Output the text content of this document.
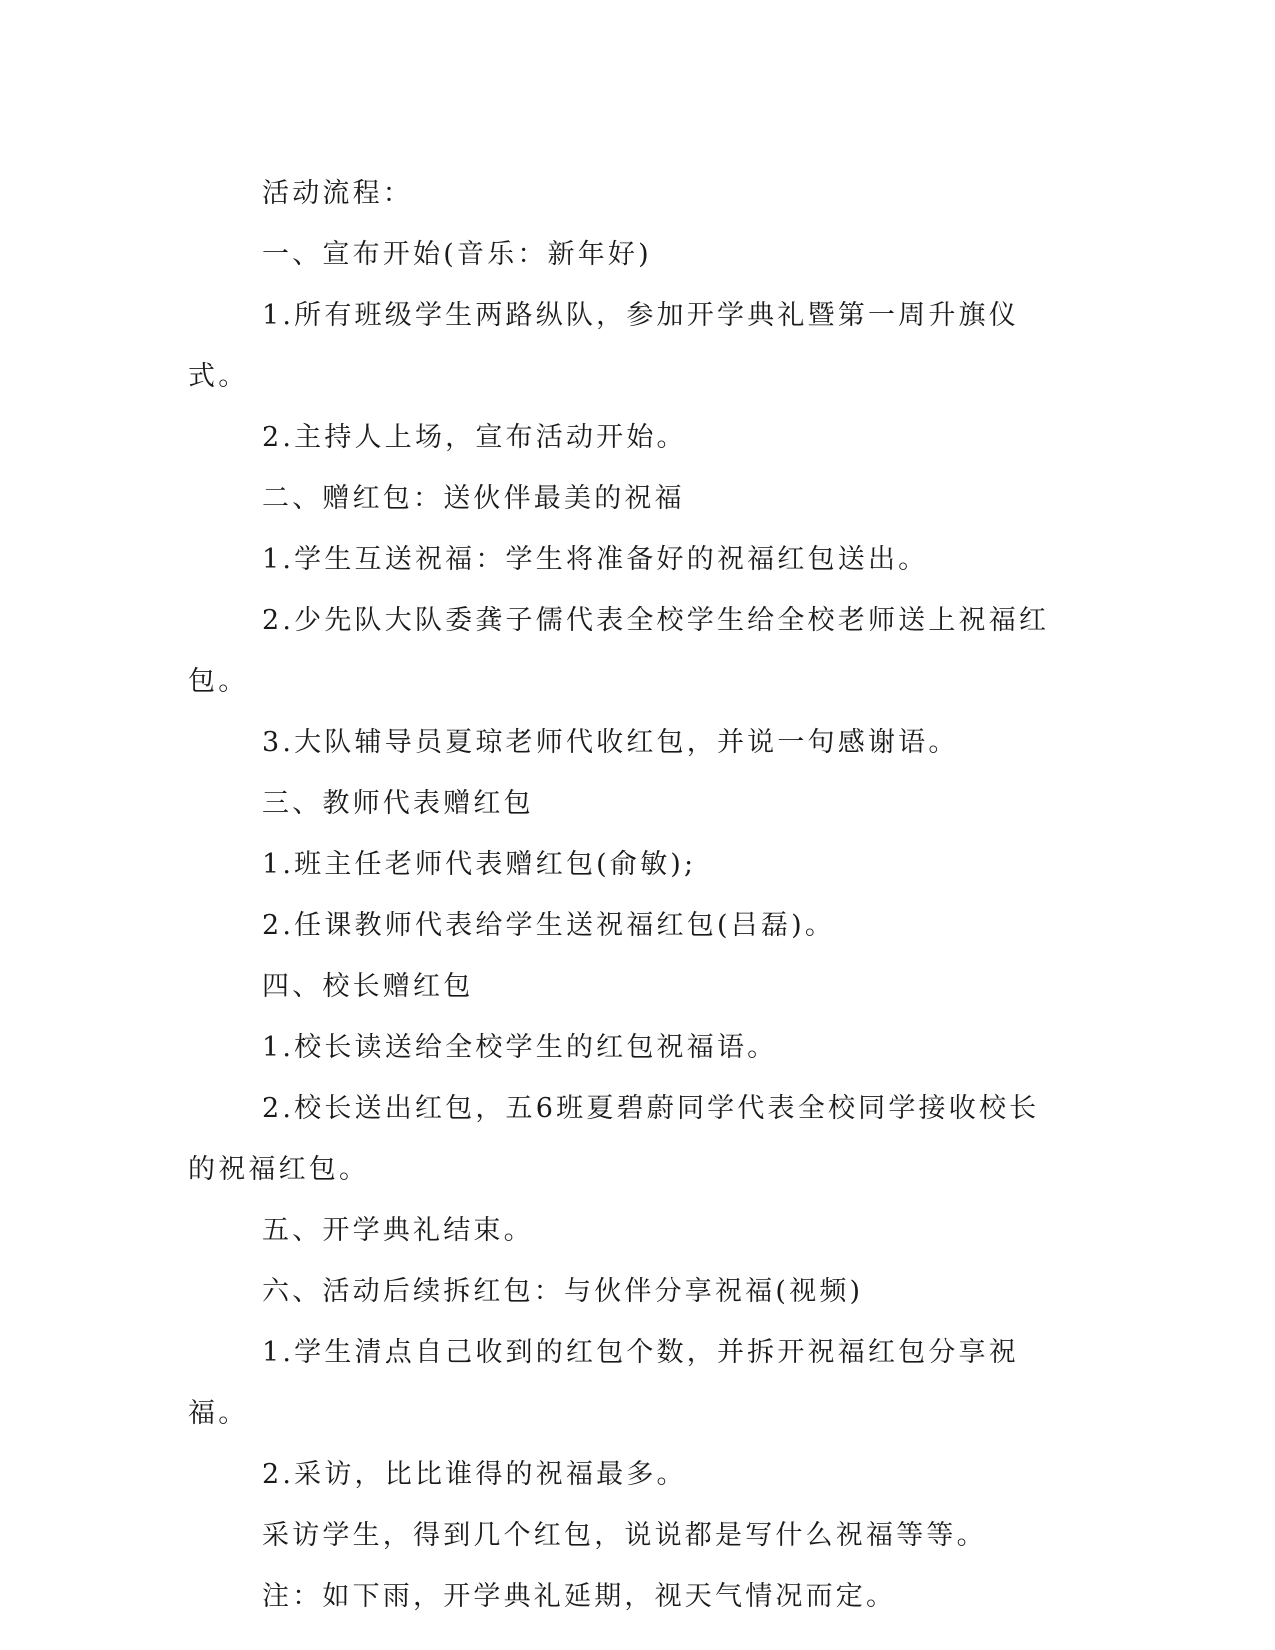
活动流程：

一、宣布开始(音乐：新年好)

1.所有班级学生两路纵队，参加开学典礼暨第一周升旗仪式。

2.主持人上场，宣布活动开始。

二、赠红包：送伙伴最美的祝福

1.学生互送祝福：学生将准备好的祝福红包送出。

2.少先队大队委龚子儒代表全校学生给全校老师送上祝福红包。

3.大队辅导员夏琼老师代收红包，并说一句感谢语。

三、教师代表赠红包

1.班主任老师代表赠红包(俞敏);

2.任课教师代表给学生送祝福红包(吕磊)。

四、校长赠红包

1.校长读送给全校学生的红包祝福语。

2.校长送出红包，五6班夏碧蔚同学代表全校同学接收校长的祝福红包。

五、开学典礼结束。

六、活动后续拆红包：与伙伴分享祝福(视频)

1.学生清点自己收到的红包个数，并拆开祝福红包分享祝福。

2.采访，比比谁得的祝福最多。

采访学生，得到几个红包，说说都是写什么祝福等等。

注：如下雨，开学典礼延期，视天气情况而定。
